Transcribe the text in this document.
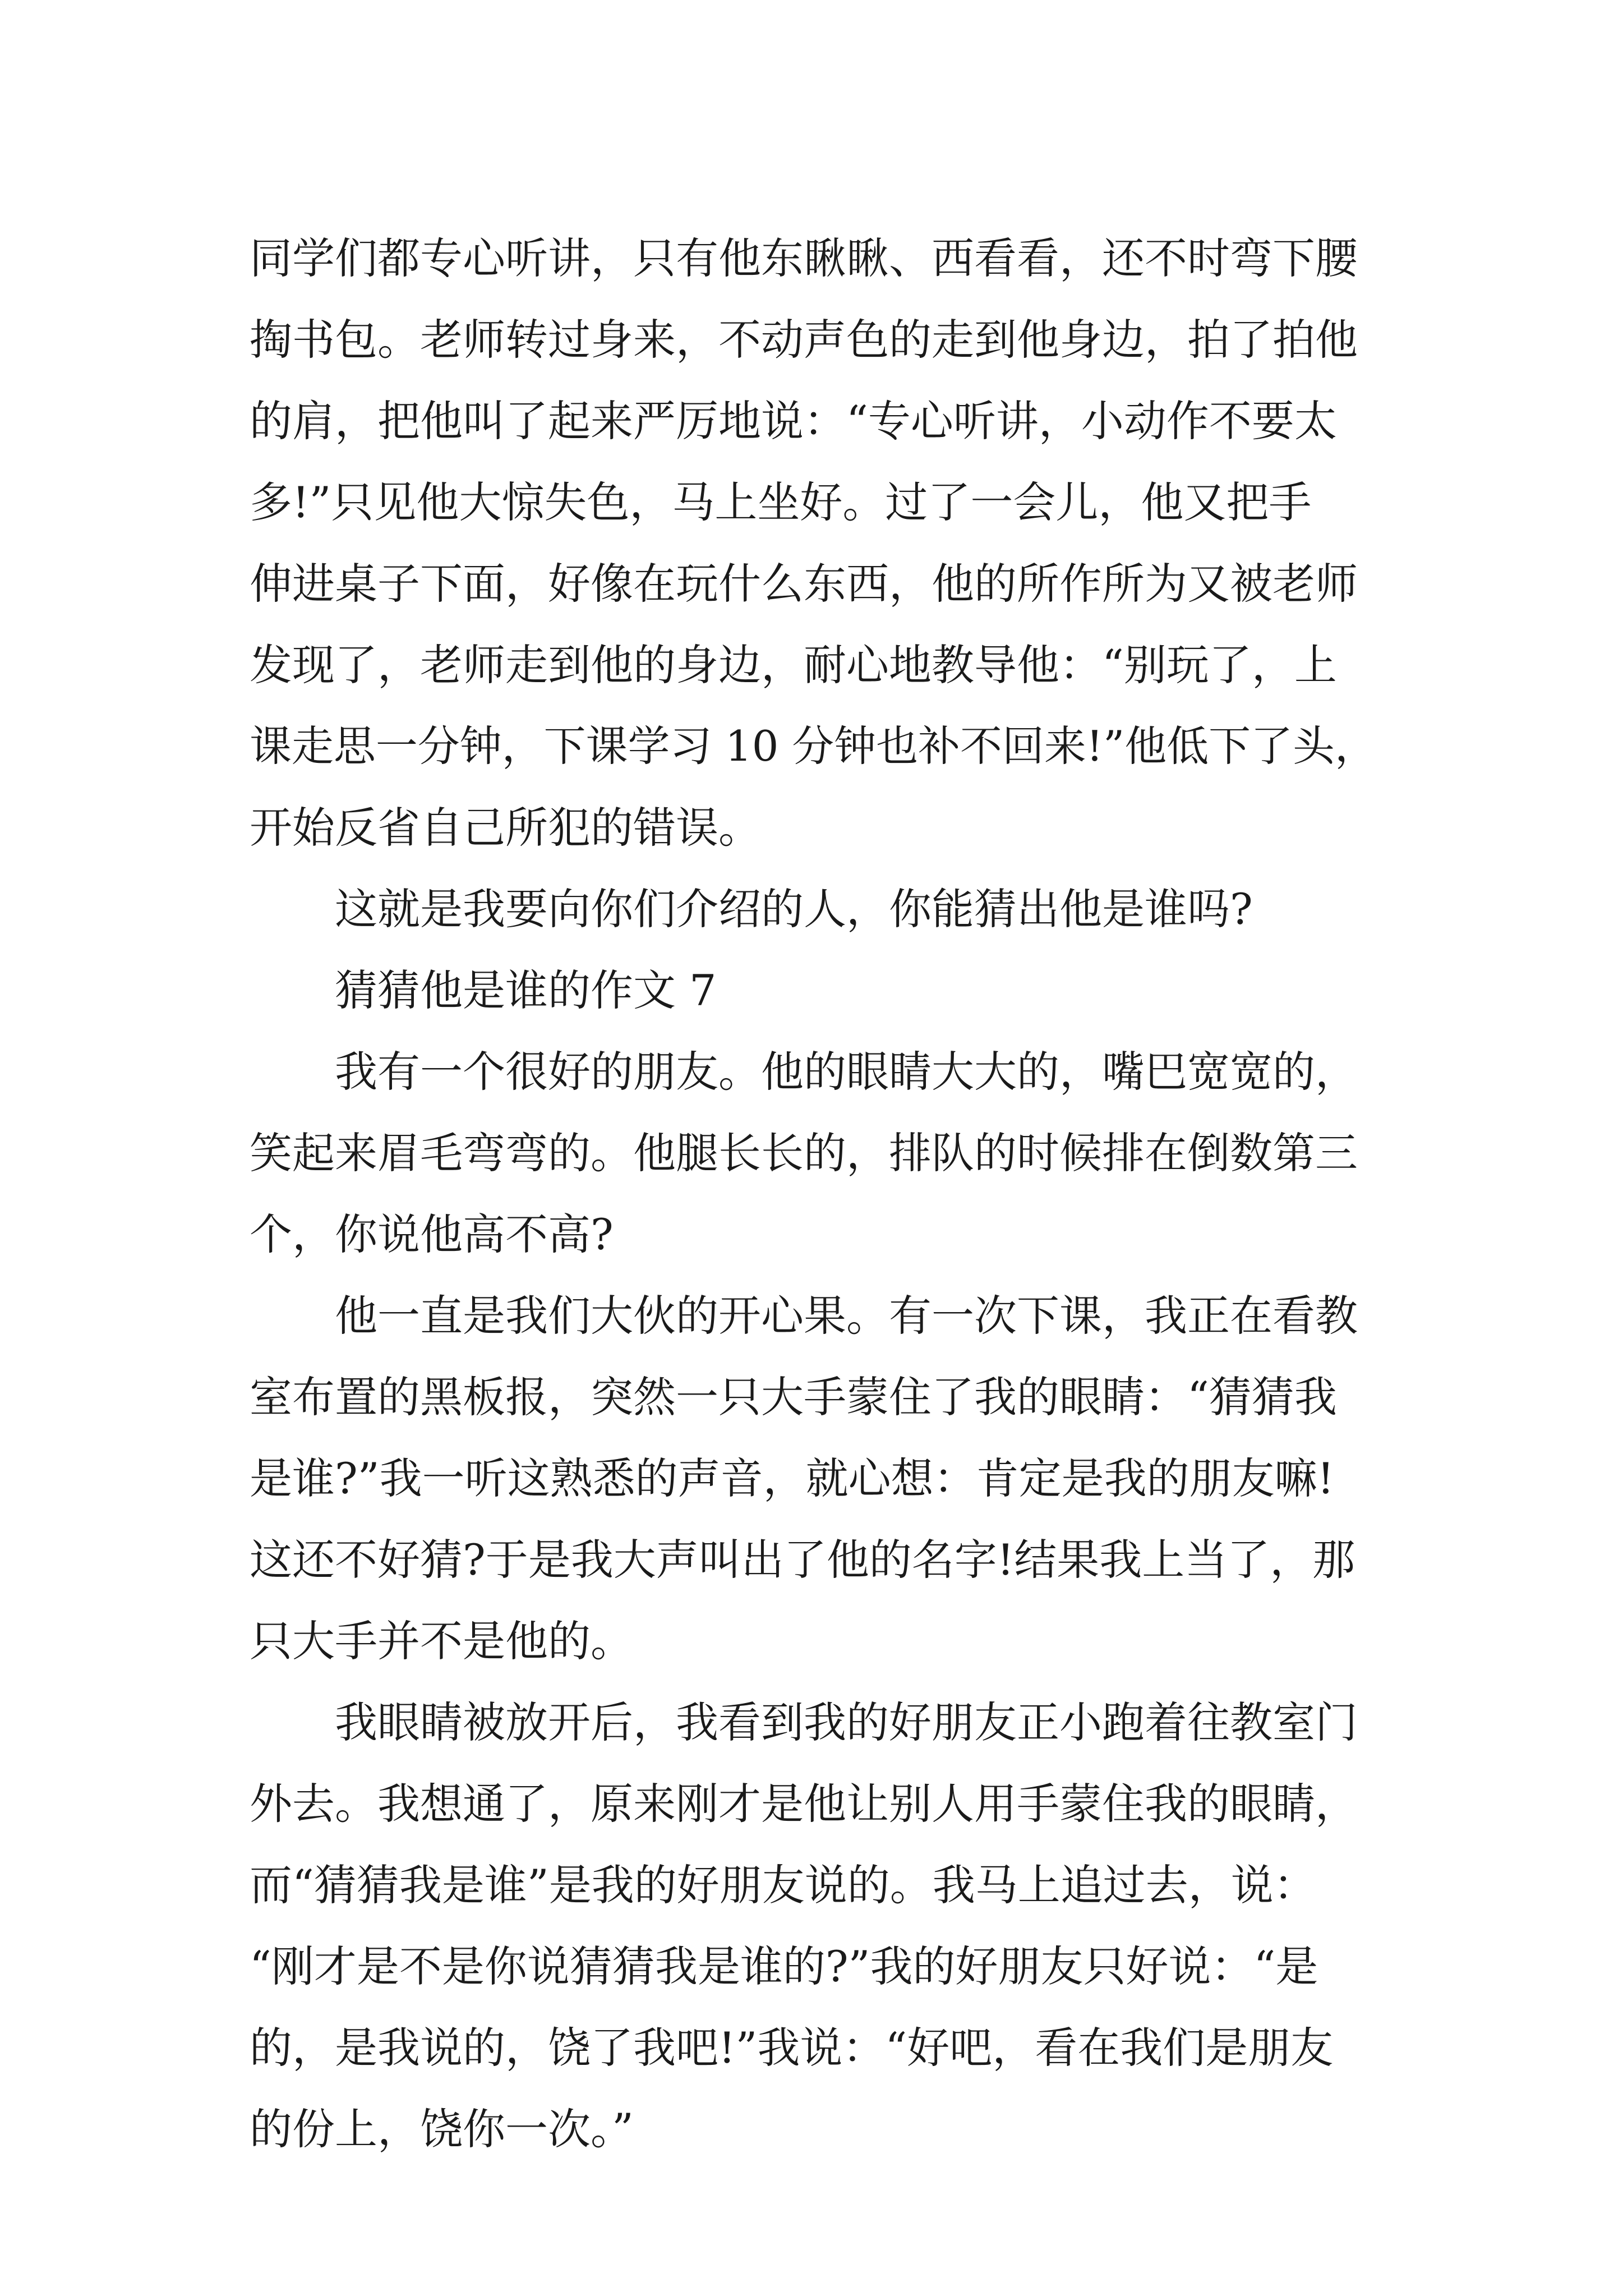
同学们都专心听讲，只有他东瞅瞅、西看看，还不时弯下腰
掏书包。老师转过身来，不动声色的走到他身边，拍了拍他
的肩，把他叫了起来严厉地说：“专心听讲，小动作不要太
多!”只见他大惊失色，马上坐好。过了一会儿，他又把手
伸进桌子下面，好像在玩什么东西，他的所作所为又被老师
发现了，老师走到他的身边，耐心地教导他：“别玩了，上
课走思一分钟，下课学习 10 分钟也补不回来!”他低下了头，
开始反省自己所犯的错误。
这就是我要向你们介绍的人，你能猜出他是谁吗?
猜猜他是谁的作文 7
我有一个很好的朋友。他的眼睛大大的，嘴巴宽宽的，
笑起来眉毛弯弯的。他腿长长的，排队的时候排在倒数第三
个，你说他高不高?
他一直是我们大伙的开心果。有一次下课，我正在看教
室布置的黑板报，突然一只大手蒙住了我的眼睛：“猜猜我
是谁?”我一听这熟悉的声音，就心想：肯定是我的朋友嘛!
这还不好猜?于是我大声叫出了他的名字!结果我上当了，那
只大手并不是他的。
我眼睛被放开后，我看到我的好朋友正小跑着往教室门
外去。我想通了，原来刚才是他让别人用手蒙住我的眼睛，
而“猜猜我是谁”是我的好朋友说的。我马上追过去，说：
“刚才是不是你说猜猜我是谁的?”我的好朋友只好说：“是
的，是我说的，饶了我吧!”我说：“好吧，看在我们是朋友
的份上，饶你一次。”
